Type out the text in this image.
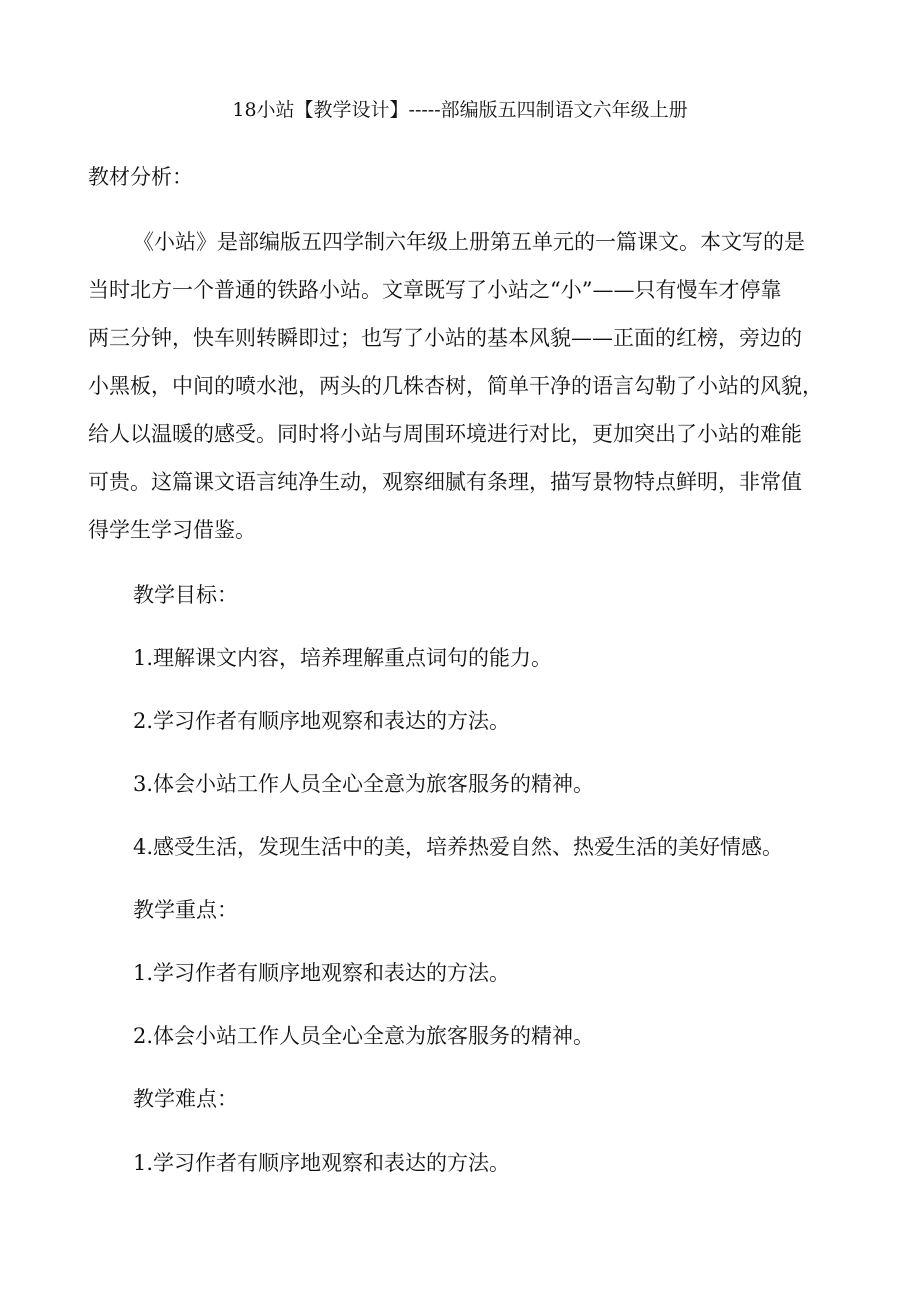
18小站【教学设计】-----部编版五四制语文六年级上册
教材分析：
《小站》是部编版五四学制六年级上册第五单元的一篇课文。本文写的是
当时北方一个普通的铁路小站。文章既写了小站之“小”——只有慢车才停靠
两三分钟，快车则转瞬即过；也写了小站的基本风貌——正面的红榜，旁边的
小黑板，中间的喷水池，两头的几株杏树，简单干净的语言勾勒了小站的风貌，
给人以温暖的感受。同时将小站与周围环境进行对比，更加突出了小站的难能
可贵。这篇课文语言纯净生动，观察细腻有条理，描写景物特点鲜明，非常值
得学生学习借鉴。
教学目标：
1.理解课文内容，培养理解重点词句的能力。
2.学习作者有顺序地观察和表达的方法。
3.体会小站工作人员全心全意为旅客服务的精神。
4.感受生活，发现生活中的美，培养热爱自然、热爱生活的美好情感。
教学重点：
1.学习作者有顺序地观察和表达的方法。
2.体会小站工作人员全心全意为旅客服务的精神。
教学难点：
1.学习作者有顺序地观察和表达的方法。
